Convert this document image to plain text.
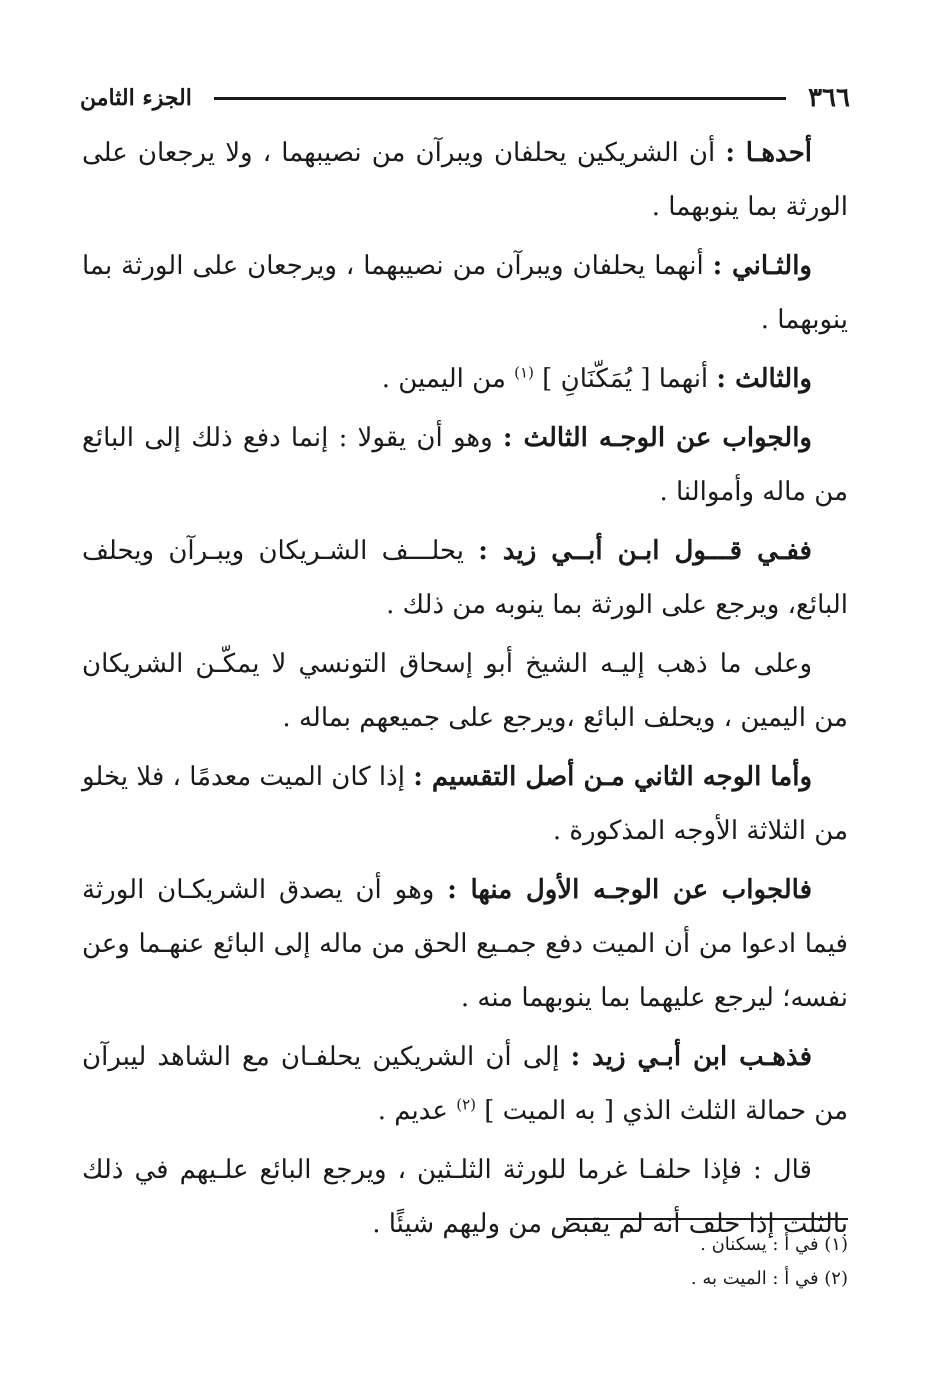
٣٦٦
الجزء الثامن

أحدهـا : أن الشريكين يحلفان ويبرآن من نصيبهما ، ولا يرجعان على الورثة بما ينوبهما .

والثـاني : أنهما يحلفان ويبرآن من نصيبهما ، ويرجعان على الورثة بما ينوبهما .

والثالث : أنهما [ يُمَكّنَانِ ] $^{(١)}$ من اليمين .

والجواب عن الوجـه الثالث : وهو أن يقولا : إنما دفع ذلك إلى البائع من ماله وأموالنا .

ففـي قـــول ابـن أبــي زيد : يحلـــف الشـريكان ويبـرآن ويحلف البائع، ويرجع على الورثة بما ينوبه من ذلك .

وعلى ما ذهب إليـه الشيخ أبو إسحاق التونسي لا يمكّـن الشريكان من اليمين ، ويحلف البائع ،ويرجع على جميعهم بماله .

وأما الوجه الثاني مـن أصل التقسيم : إذا كان الميت معدمًا ، فلا يخلو من الثلاثة الأوجه المذكورة .

فالجواب عن الوجـه الأول منها : وهو أن يصدق الشريكـان الورثة فيما ادعوا من أن الميت دفع جمـيع الحق من ماله إلى البائع عنهـما وعن نفسه؛ ليرجع عليهما بما ينوبهما منه .

فذهـب ابن أبـي زيد : إلى أن الشريكين يحلفـان مع الشاهد ليبرآن من حمالة الثلث الذي [ به الميت ] $^{(٢)}$ عديم .

قال : فإذا حلفـا غرما للورثة الثلـثين ، ويرجع البائع علـيهم في ذلك بالثلث إذا حلف أنه لم يقبض من وليهم شيئًا .

(١) في أ : يسكنان .

(٢) في أ : الميت به .
